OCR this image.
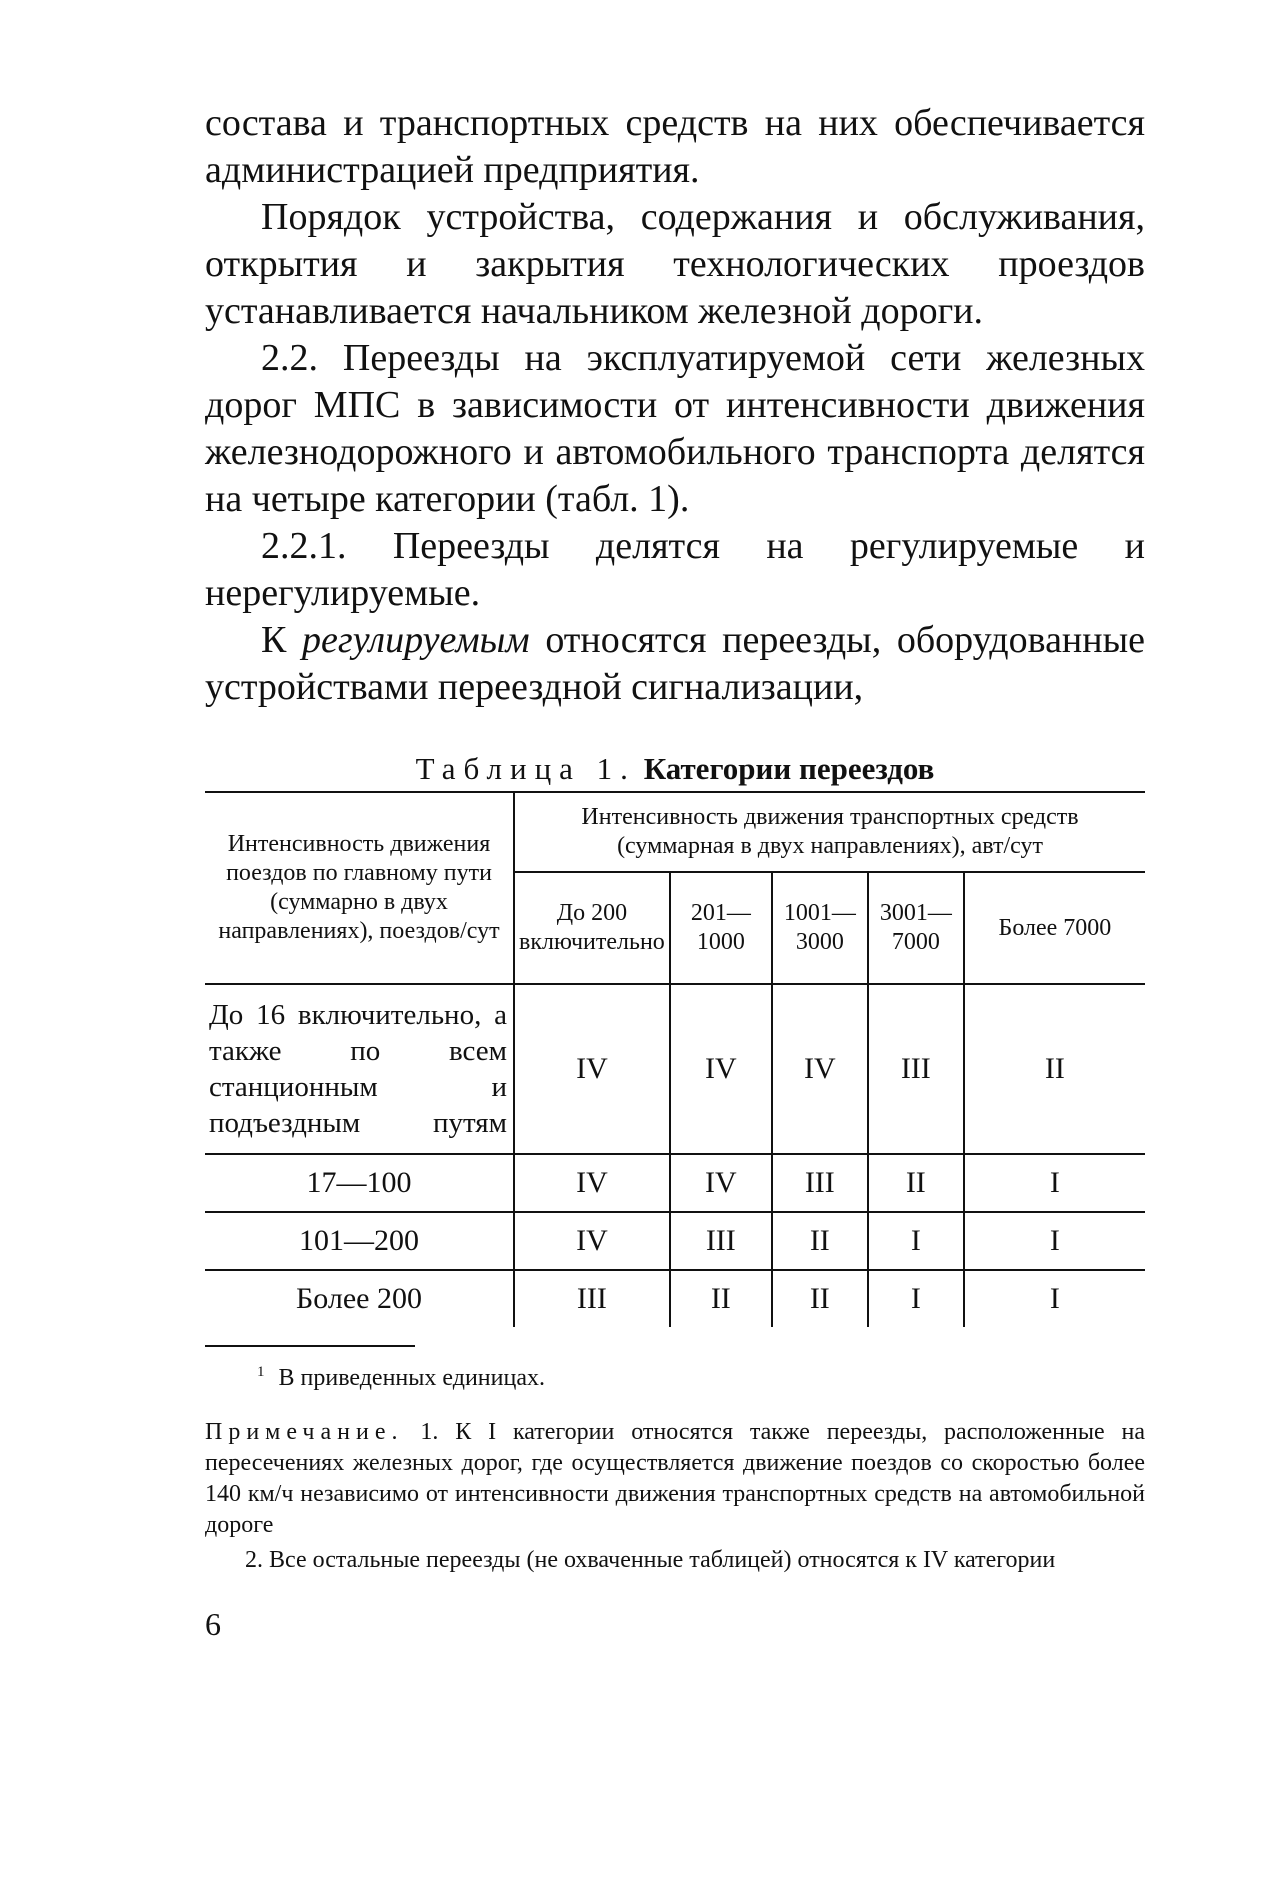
состава и транспортных средств на них обеспечивается администрацией предприятия.

Порядок устройства, содержания и обслуживания, открытия и закрытия технологических проездов устанавливается начальником железной дороги.

2.2. Переезды на эксплуатируемой сети железных дорог МПС в зависимости от интенсивности движения железнодорожного и автомобильного транспорта делятся на четыре категории (табл. 1).

2.2.1. Переезды делятся на регулируемые и нерегулируемые.

К регулируемым относятся переезды, оборудованные устройствами переездной сигнализации,

Таблица 1. Категории переездов
Интенсивность движения поездов по главному пути (суммарно в двух направлениях), поездов/сут	Интенсивность движения транспортных средств (суммарная в двух направлениях), авт/сут				
	До 200 включительно	201— 1000	1001— 3000	3001— 7000	Более 7000
До 16 включительно, а также по всем станционным и подъездным путям	IV	IV	IV	III	II
17—100	IV	IV	III	II	I
101—200	IV	III	II	I	I
Более 200	III	II	II	I	I

$^1$ В приведенных единицах.

Примечание. 1. К I категории относятся также переезды, расположенные на пересечениях железных дорог, где осуществляется движение поездов со скоростью более 140 км/ч независимо от интенсивности движения транспортных средств на автомобильной дороге

2. Все остальные переезды (не охваченные таблицей) относятся к IV категории

6
